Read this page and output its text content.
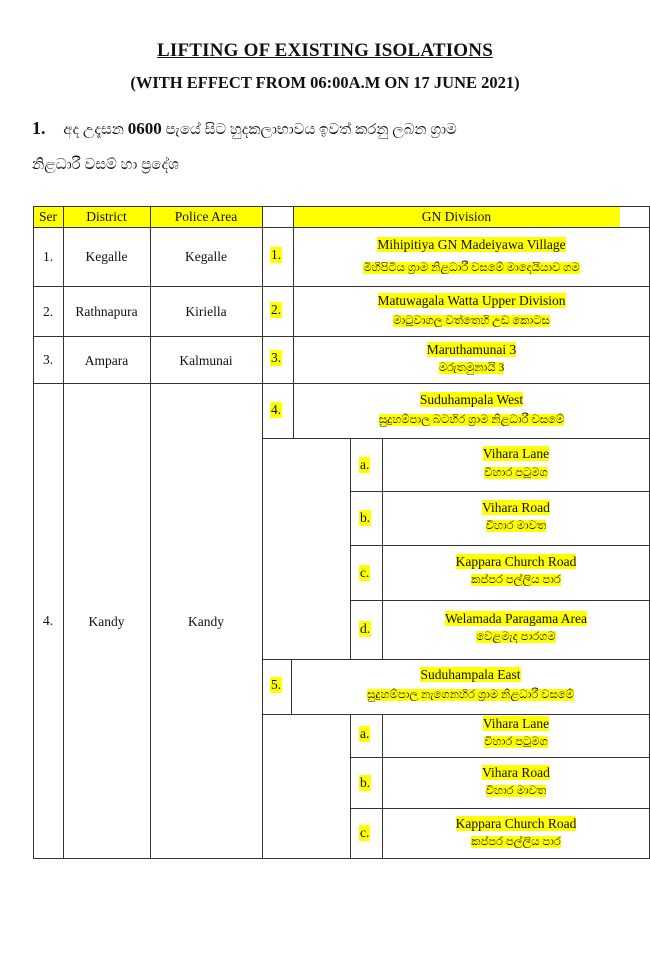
LIFTING OF EXISTING ISOLATIONS
(WITH EFFECT FROM 06:00A.M ON 17 JUNE 2021)
1. අද උදෑසන 0600 පැයේ සිට හුදකලාභාවය ඉවත් කරනු ලබන ග්‍රාම
නිළධාරී වසම් හා ප්‍රදේශ
Ser	District	Police Area	GN Division
1.	Kegalle	Kegalle	1.
Mihipitiya GN Madeiyawa Village
මිහිපිටිය ග්‍රාම නිළධාරී වසමේ මාදෙයියාව ගම
2.	Rathnapura	Kiriella	2.
Matuwagala Watta Upper Division
මාටුවාගල වත්තෙහි උඩ කොටස
3.	Ampara	Kalmunai	3.
Maruthamunai 3
මරුතමුනායි 3
4.	Kandy	Kandy
4.
Suduhampala West
සුදුහම්පාල බටහිර ග්‍රාම නිළධාරී වසමේ
a.
Vihara Lane
විහාර පටුමග
b.
Vihara Road
විහාර මාවත
c.
Kappara Church Road
කප්පර පල්ලිය පාර
d.
Welamada Paragama Area
වෙළමැද පාරගම
5.
Suduhampala East
සුදුහම්පාල නැගෙනහිර ග්‍රාම නිළධාරී වසමේ
a.
Vihara Lane
විහාර පටුමග
b.
Vihara Road
විහාර මාවත
c.
Kappara Church Road
කප්පර පල්ලිය පාර
